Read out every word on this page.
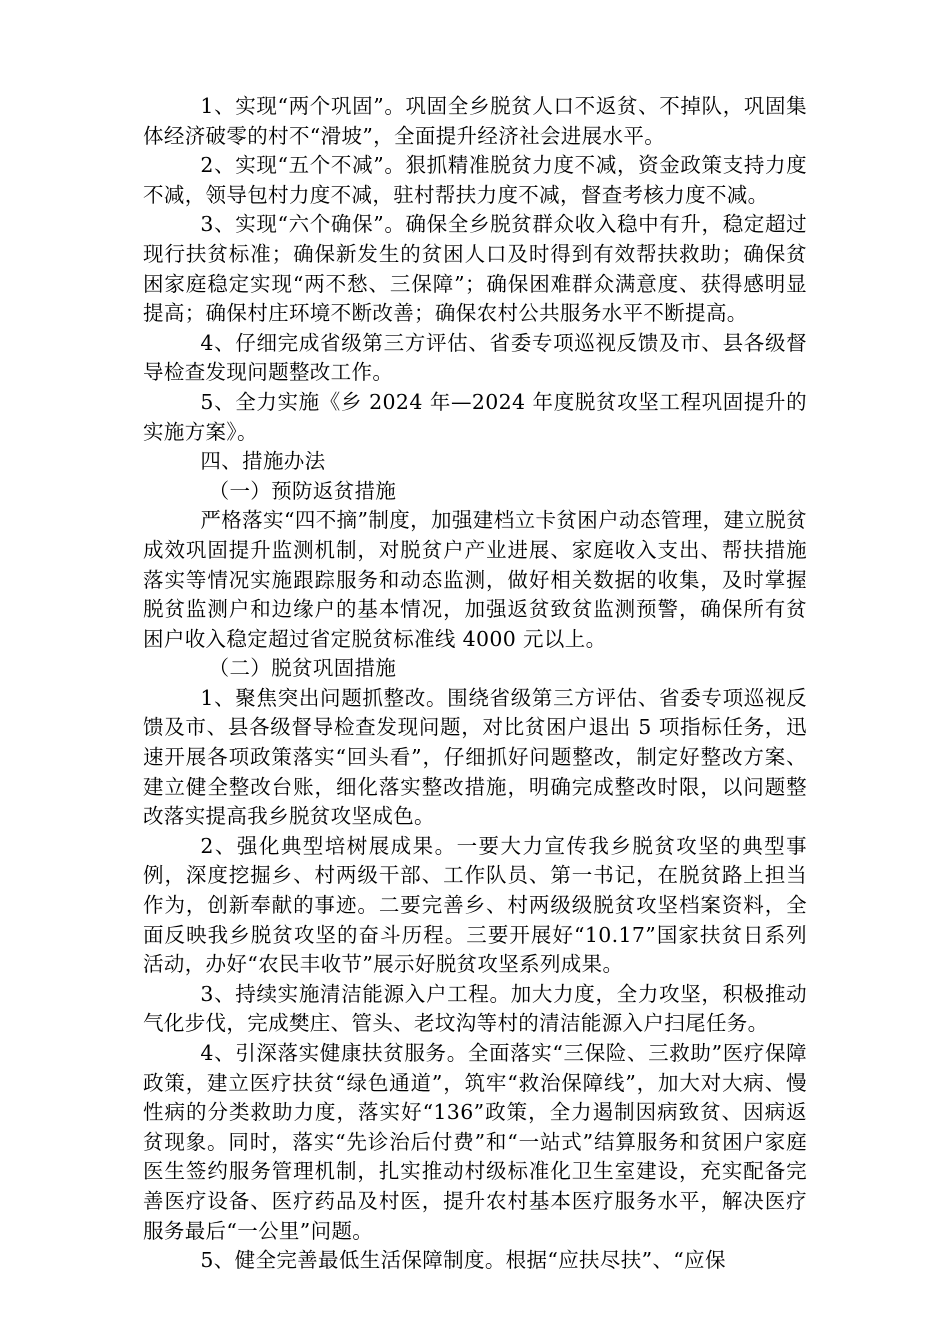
1、实现“两个巩固”。巩固全乡脱贫人口不返贫、不掉队，巩固集体经济破零的村不“滑坡”，全面提升经济社会进展水平。

2、实现“五个不减”。狠抓精准脱贫力度不减，资金政策支持力度不减，领导包村力度不减，驻村帮扶力度不减，督查考核力度不减。

3、实现“六个确保”。确保全乡脱贫群众收入稳中有升，稳定超过现行扶贫标准；确保新发生的贫困人口及时得到有效帮扶救助；确保贫困家庭稳定实现“两不愁、三保障”；确保困难群众满意度、获得感明显提高；确保村庄环境不断改善；确保农村公共服务水平不断提高。

4、仔细完成省级第三方评估、省委专项巡视反馈及市、县各级督导检查发现问题整改工作。

5、全力实施《乡 2024 年—2024 年度脱贫攻坚工程巩固提升的实施方案》。

四、措施办法

（一）预防返贫措施

严格落实“四不摘”制度，加强建档立卡贫困户动态管理，建立脱贫成效巩固提升监测机制，对脱贫户产业进展、家庭收入支出、帮扶措施落实等情况实施跟踪服务和动态监测，做好相关数据的收集，及时掌握脱贫监测户和边缘户的基本情况，加强返贫致贫监测预警，确保所有贫困户收入稳定超过省定脱贫标准线 4000 元以上。

（二）脱贫巩固措施

1、聚焦突出问题抓整改。围绕省级第三方评估、省委专项巡视反馈及市、县各级督导检查发现问题，对比贫困户退出 5 项指标任务，迅速开展各项政策落实“回头看”，仔细抓好问题整改，制定好整改方案、建立健全整改台账，细化落实整改措施，明确完成整改时限，以问题整改落实提高我乡脱贫攻坚成色。

2、强化典型培树展成果。一要大力宣传我乡脱贫攻坚的典型事例，深度挖掘乡、村两级干部、工作队员、第一书记，在脱贫路上担当作为，创新奉献的事迹。二要完善乡、村两级级脱贫攻坚档案资料，全面反映我乡脱贫攻坚的奋斗历程。三要开展好“10.17”国家扶贫日系列活动，办好“农民丰收节”展示好脱贫攻坚系列成果。

3、持续实施清洁能源入户工程。加大力度，全力攻坚，积极推动气化步伐，完成樊庄、管头、老坟沟等村的清洁能源入户扫尾任务。

4、引深落实健康扶贫服务。全面落实“三保险、三救助”医疗保障政策，建立医疗扶贫“绿色通道”，筑牢“救治保障线”，加大对大病、慢性病的分类救助力度，落实好“136”政策，全力遏制因病致贫、因病返贫现象。同时，落实“先诊治后付费”和“一站式”结算服务和贫困户家庭医生签约服务管理机制，扎实推动村级标准化卫生室建设，充实配备完善医疗设备、医疗药品及村医，提升农村基本医疗服务水平，解决医疗服务最后“一公里”问题。

5、健全完善最低生活保障制度。根据“应扶尽扶”、“应保
